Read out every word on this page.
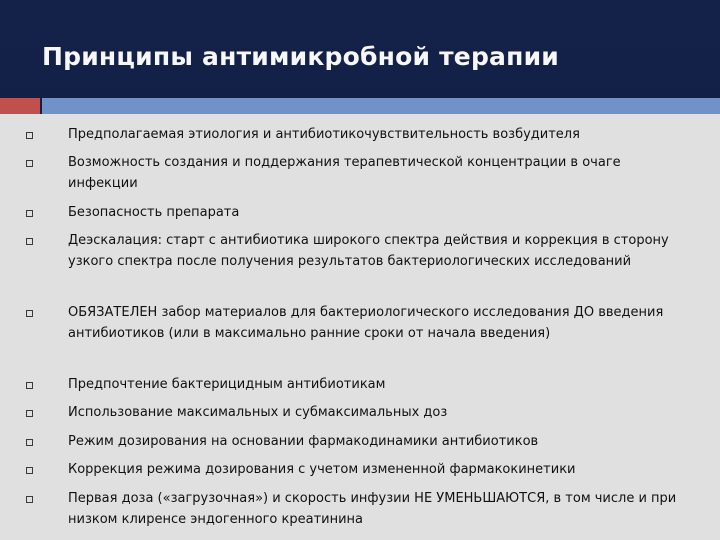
Принципы антимикробной терапии
Предполагаемая этиология и антибиотикочувствительность возбудителя
Возможность создания и поддержания терапевтической концентрации в очаге инфекции
Безопасность препарата
Деэскалация: старт с антибиотика широкого спектра действия и коррекция в сторону узкого спектра после получения результатов бактериологических исследований
ОБЯЗАТЕЛЕН забор материалов для бактериологического исследования ДО введения антибиотиков (или в максимально ранние сроки от начала введения)
Предпочтение бактерицидным антибиотикам
Использование максимальных и субмаксимальных доз
Режим дозирования на основании фармакодинамики антибиотиков
Коррекция режима дозирования с учетом измененной фармакокинетики
Первая доза («загрузочная») и скорость инфузии НЕ УМЕНЬШАЮТСЯ, в том числе и при низком клиренсе эндогенного креатинина
